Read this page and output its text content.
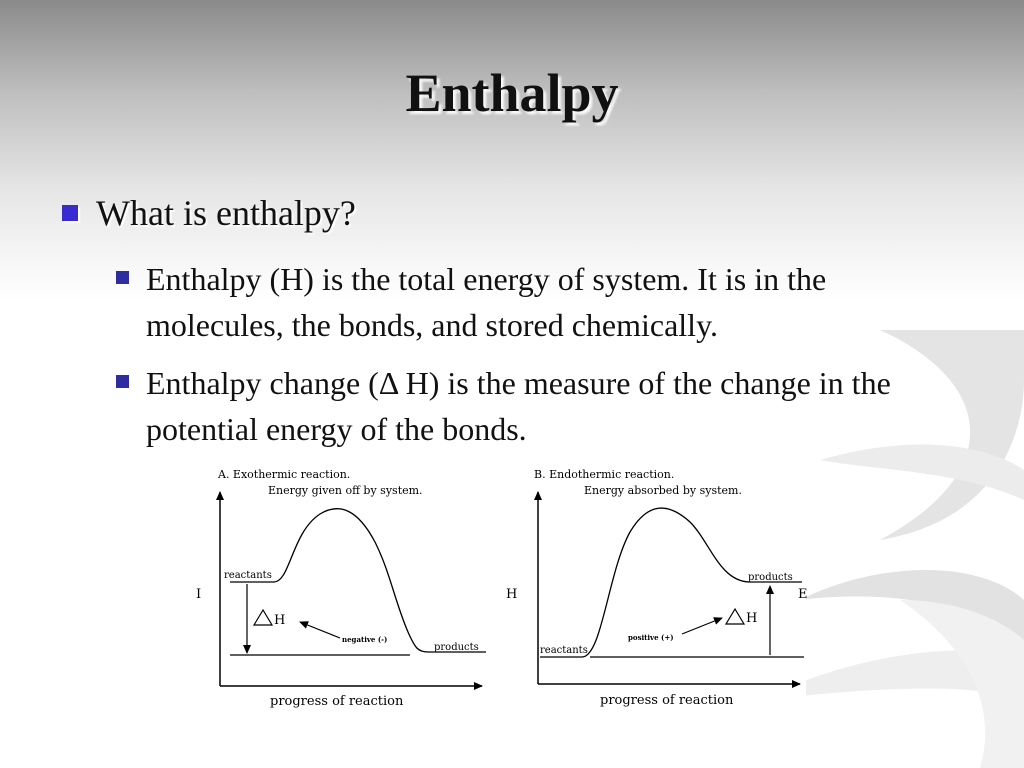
Enthalpy
What is enthalpy?
Enthalpy (H) is the total energy of system. It is in the molecules, the bonds, and stored chemically.
Enthalpy change (Δ H) is the measure of the change in the potential energy of the bonds.
A. Exothermic reaction.
Energy given off by system.
I
progress of reaction
reactants
products
H
negative (-)
B. Endothermic reaction.
Energy absorbed by system.
H	E
progress of reaction
reactants
products
H
positive (+)
